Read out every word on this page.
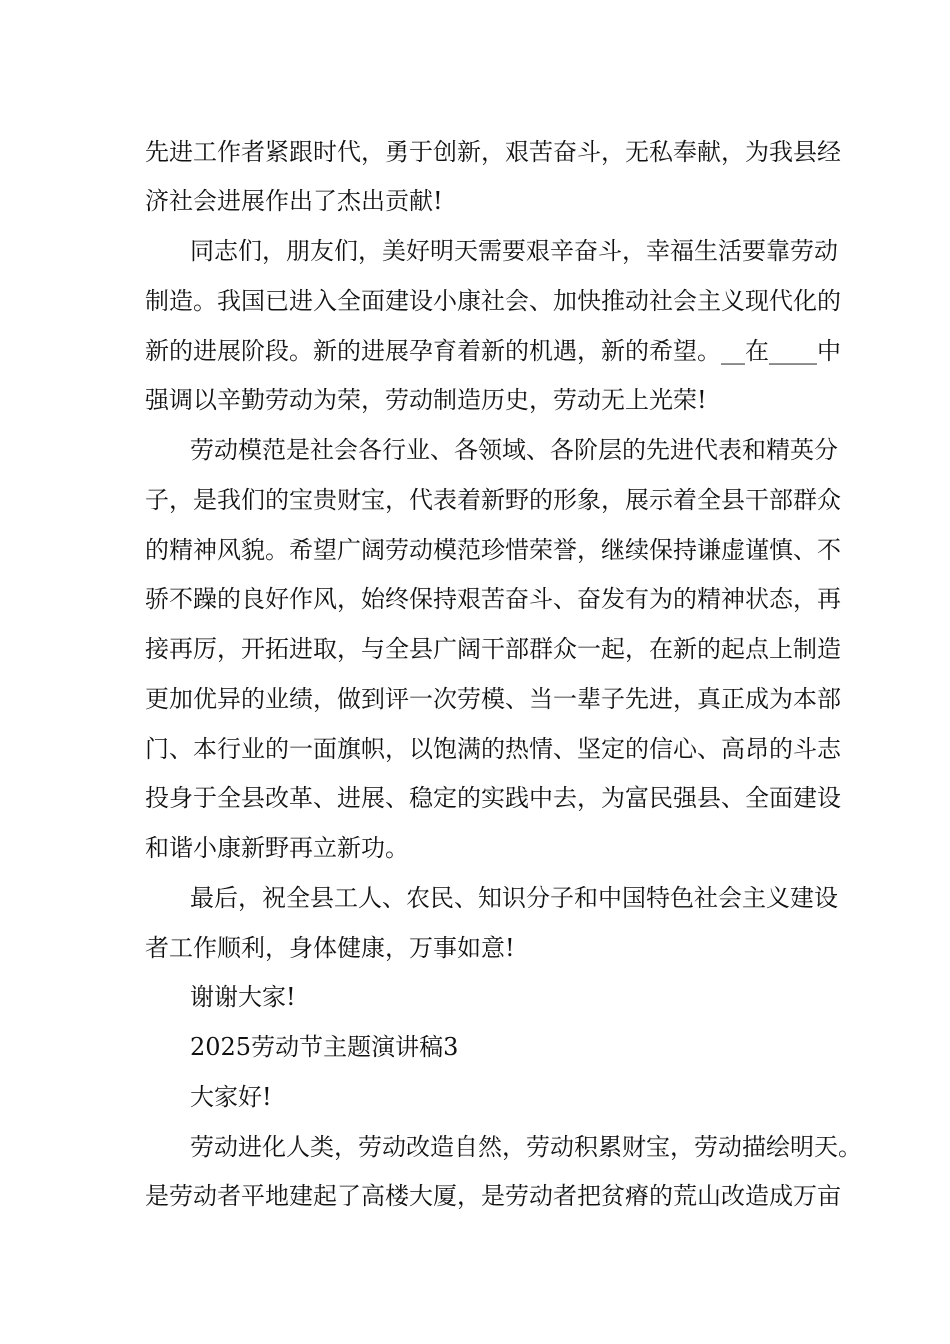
先进工作者紧跟时代，勇于创新，艰苦奋斗，无私奉献，为我县经
济社会进展作出了杰出贡献!
同志们，朋友们，美好明天需要艰辛奋斗，幸福生活要靠劳动
制造。我国已进入全面建设小康社会、加快推动社会主义现代化的
新的进展阶段。新的进展孕育着新的机遇，新的希望。__在____中
强调以辛勤劳动为荣，劳动制造历史，劳动无上光荣!
劳动模范是社会各行业、各领域、各阶层的先进代表和精英分
子，是我们的宝贵财宝，代表着新野的形象，展示着全县干部群众
的精神风貌。希望广阔劳动模范珍惜荣誉，继续保持谦虚谨慎、不
骄不躁的良好作风，始终保持艰苦奋斗、奋发有为的精神状态，再
接再厉，开拓进取，与全县广阔干部群众一起，在新的起点上制造
更加优异的业绩，做到评一次劳模、当一辈子先进，真正成为本部
门、本行业的一面旗帜，以饱满的热情、坚定的信心、高昂的斗志
投身于全县改革、进展、稳定的实践中去，为富民强县、全面建设
和谐小康新野再立新功。
最后，祝全县工人、农民、知识分子和中国特色社会主义建设
者工作顺利，身体健康，万事如意!
谢谢大家!
2025劳动节主题演讲稿3
大家好!
劳动进化人类，劳动改造自然，劳动积累财宝，劳动描绘明天。
是劳动者平地建起了高楼大厦，是劳动者把贫瘠的荒山改造成万亩
